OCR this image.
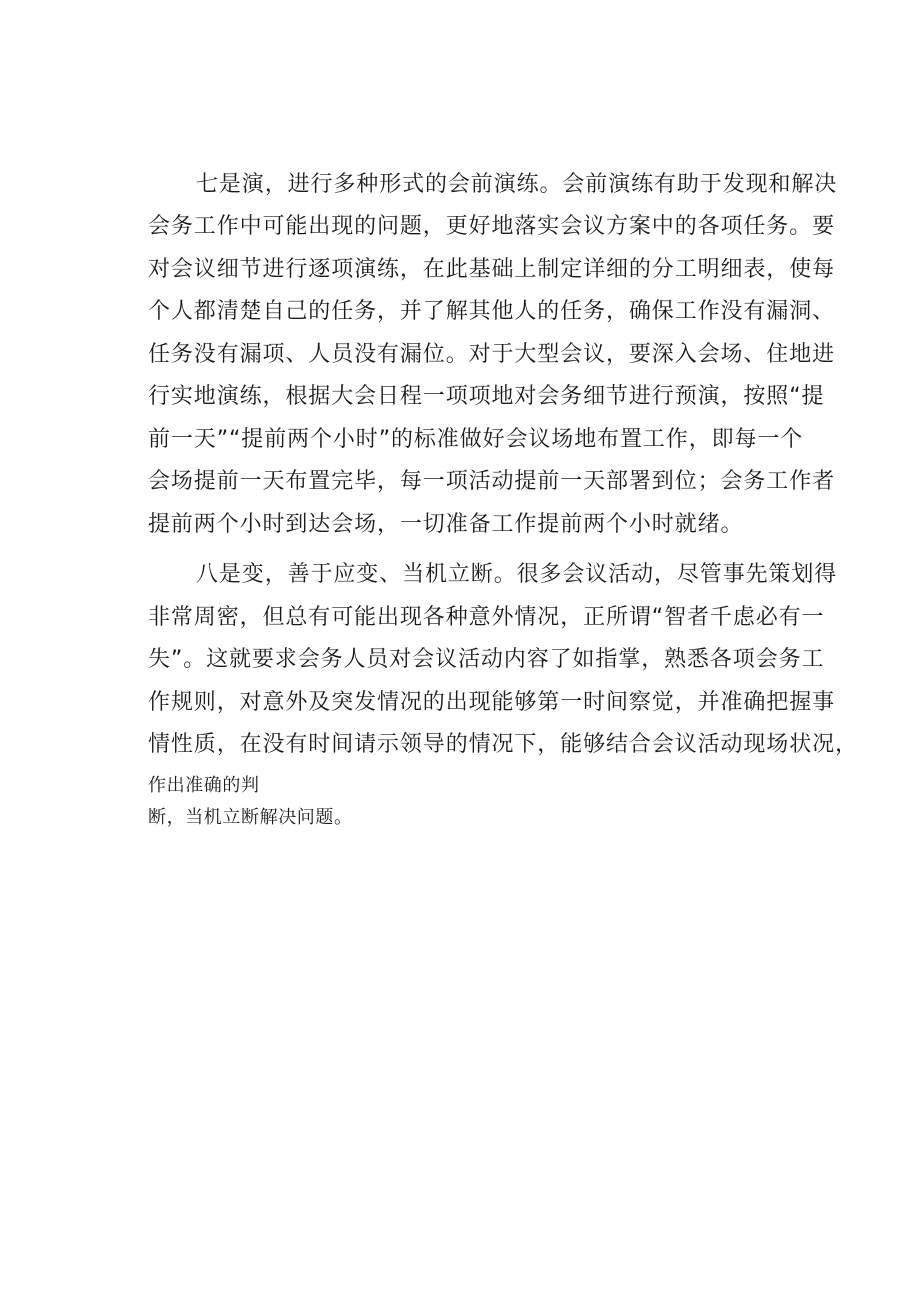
七是演，进行多种形式的会前演练。会前演练有助于发现和解决
会务工作中可能出现的问题，更好地落实会议方案中的各项任务。要
对会议细节进行逐项演练，在此基础上制定详细的分工明细表，使每
个人都清楚自己的任务，并了解其他人的任务，确保工作没有漏洞、
任务没有漏项、人员没有漏位。对于大型会议，要深入会场、住地进
行实地演练，根据大会日程一项项地对会务细节进行预演，按照“提
前一天”“提前两个小时”的标准做好会议场地布置工作，即每一个
会场提前一天布置完毕，每一项活动提前一天部署到位；会务工作者
提前两个小时到达会场，一切准备工作提前两个小时就绪。
八是变，善于应变、当机立断。很多会议活动，尽管事先策划得
非常周密，但总有可能出现各种意外情况，正所谓“智者千虑必有一
失”。这就要求会务人员对会议活动内容了如指掌，熟悉各项会务工
作规则，对意外及突发情况的出现能够第一时间察觉，并准确把握事
情性质，在没有时间请示领导的情况下，能够结合会议活动现场状况，
作出准确的判
断，当机立断解决问题。
